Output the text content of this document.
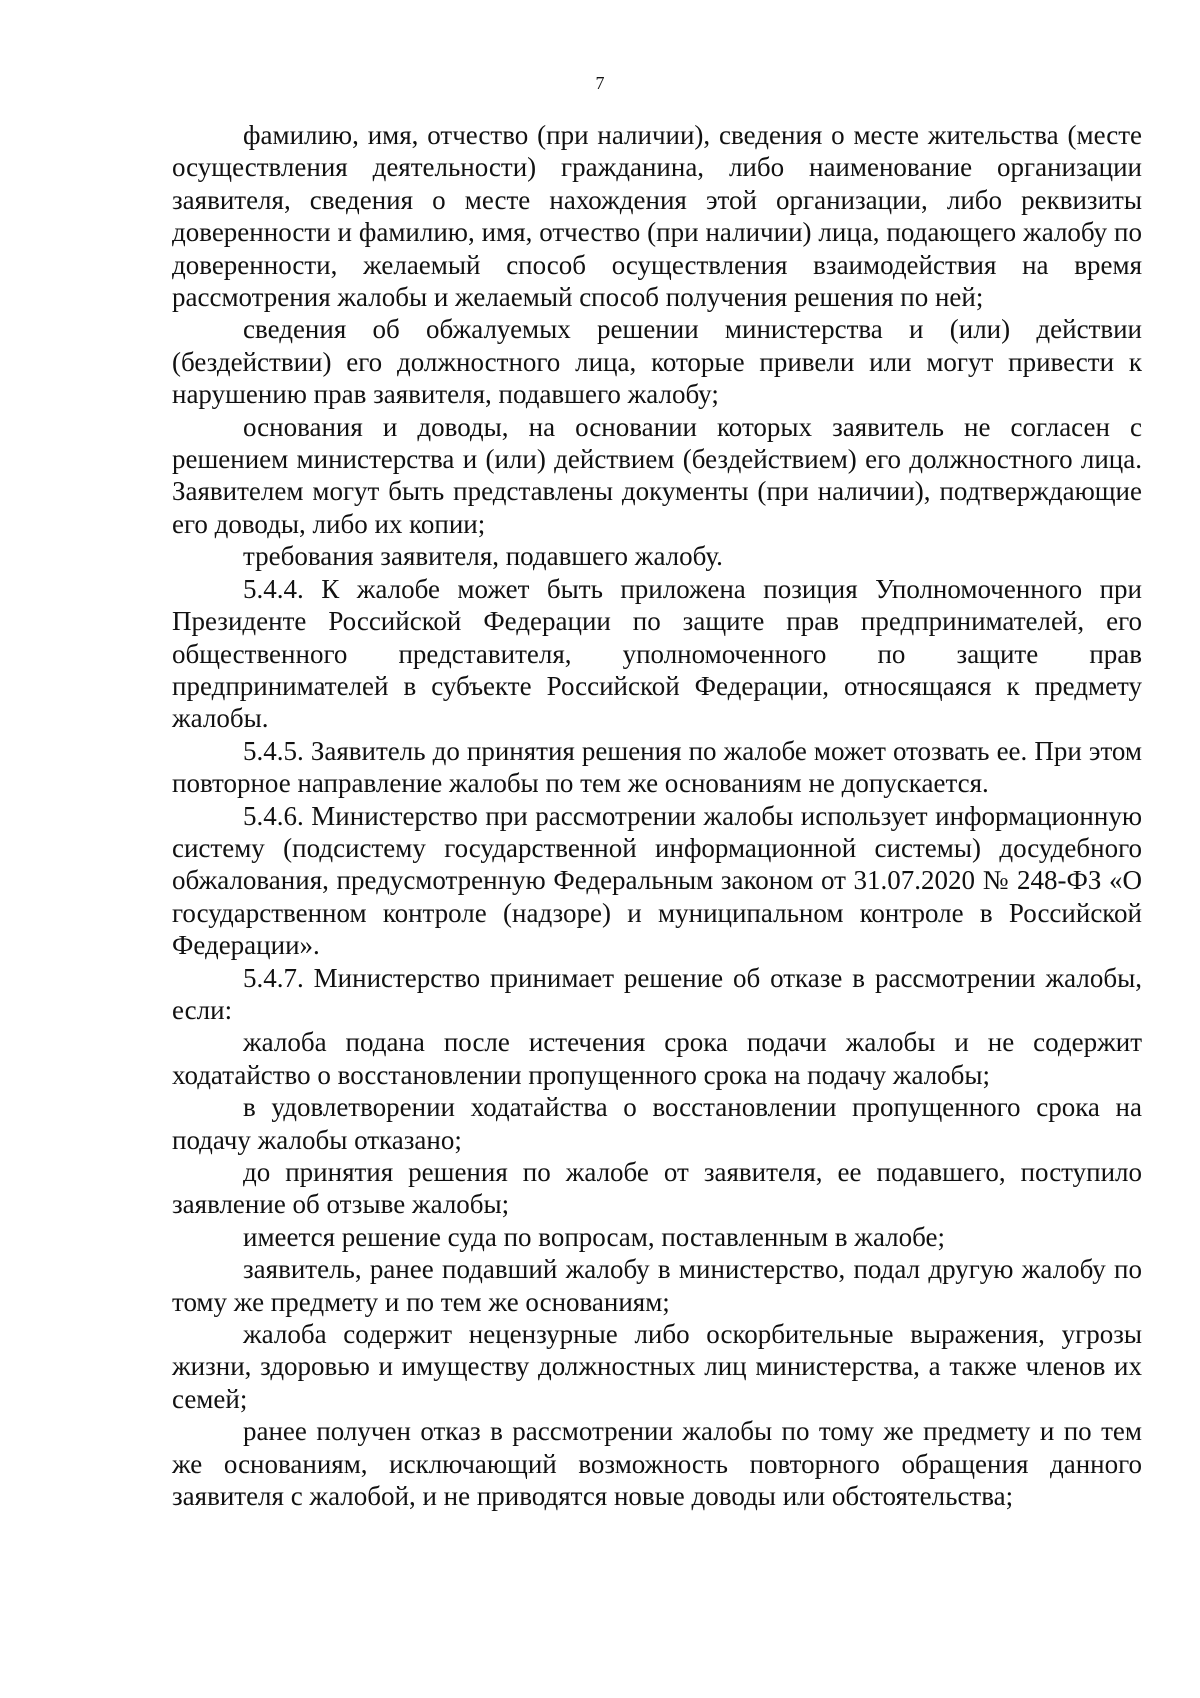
7

фамилию, имя, отчество (при наличии), сведения о месте жительства (месте осуществления деятельности) гражданина, либо наименование организации заявителя, сведения о месте нахождения этой организации, либо реквизиты доверенности и фамилию, имя, отчество (при наличии) лица, подающего жалобу по доверенности, желаемый способ осуществления взаимодействия на время рассмотрения жалобы и желаемый способ получения решения по ней;

сведения об обжалуемых решении министерства и (или) действии (бездействии) его должностного лица, которые привели или могут привести к нарушению прав заявителя, подавшего жалобу;

основания и доводы, на основании которых заявитель не согласен с решением министерства и (или) действием (бездействием) его должностного лица. Заявителем могут быть представлены документы (при наличии), подтверждающие его доводы, либо их копии;

требования заявителя, подавшего жалобу.

5.4.4. К жалобе может быть приложена позиция Уполномоченного при Президенте Российской Федерации по защите прав предпринимателей, его общественного представителя, уполномоченного по защите прав предпринимателей в субъекте Российской Федерации, относящаяся к предмету жалобы.

5.4.5. Заявитель до принятия решения по жалобе может отозвать ее. При этом повторное направление жалобы по тем же основаниям не допускается.

5.4.6. Министерство при рассмотрении жалобы использует информационную систему (подсистему государственной информационной системы) досудебного обжалования, предусмотренную Федеральным законом от 31.07.2020 № 248-ФЗ «О государственном контроле (надзоре) и муниципальном контроле в Российской Федерации».

5.4.7. Министерство принимает решение об отказе в рассмотрении жалобы, если:

жалоба подана после истечения срока подачи жалобы и не содержит ходатайство о восстановлении пропущенного срока на подачу жалобы;

в удовлетворении ходатайства о восстановлении пропущенного срока на подачу жалобы отказано;

до принятия решения по жалобе от заявителя, ее подавшего, поступило заявление об отзыве жалобы;

имеется решение суда по вопросам, поставленным в жалобе;

заявитель, ранее подавший жалобу в министерство, подал другую жалобу по тому же предмету и по тем же основаниям;

жалоба содержит нецензурные либо оскорбительные выражения, угрозы жизни, здоровью и имуществу должностных лиц министерства, а также членов их семей;

ранее получен отказ в рассмотрении жалобы по тому же предмету и по тем же основаниям, исключающий возможность повторного обращения данного заявителя с жалобой, и не приводятся новые доводы или обстоятельства;
